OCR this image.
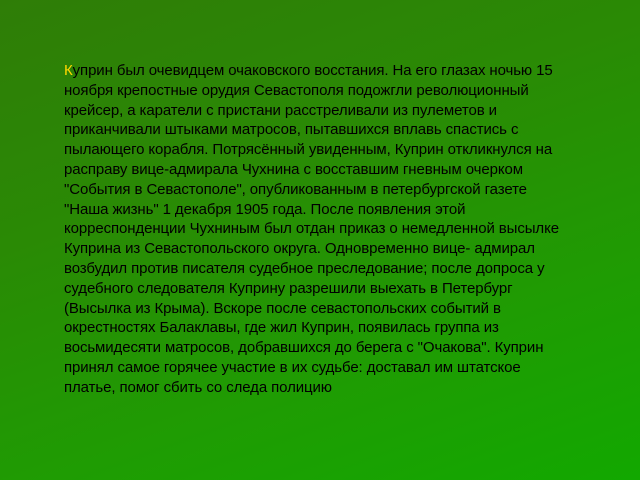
Куприн был очевидцем очаковского восстания. На его глазах ночью 15 ноября крепостные орудия Севастополя подожгли революционный крейсер, а каратели с пристани расстреливали из пулеметов и приканчивали штыками матросов, пытавшихся вплавь спастись с пылающего корабля. Потрясённый увиденным, Куприн откликнулся на расправу вице-адмирала Чухнина с восставшим гневным очерком "События в Севастополе", опубликованным в петербургской газете "Наша жизнь" 1 декабря 1905 года. После появления этой корреспонденции Чухниным был отдан приказ о немедленной высылке Куприна из Севастопольского округа. Одновременно вице- адмирал возбудил против писателя судебное преследование; после допроса у судебного следователя Куприну разрешили выехать в Петербург (Высылка из Крыма). Вскоре после севастопольских событий в окрестностях Балаклавы, где жил Куприн, появилась группа из восьмидесяти матросов, добравшихся до берега с "Очакова". Куприн принял самое горячее участие в их судьбе: доставал им штатское платье, помог сбить со следа полицию
